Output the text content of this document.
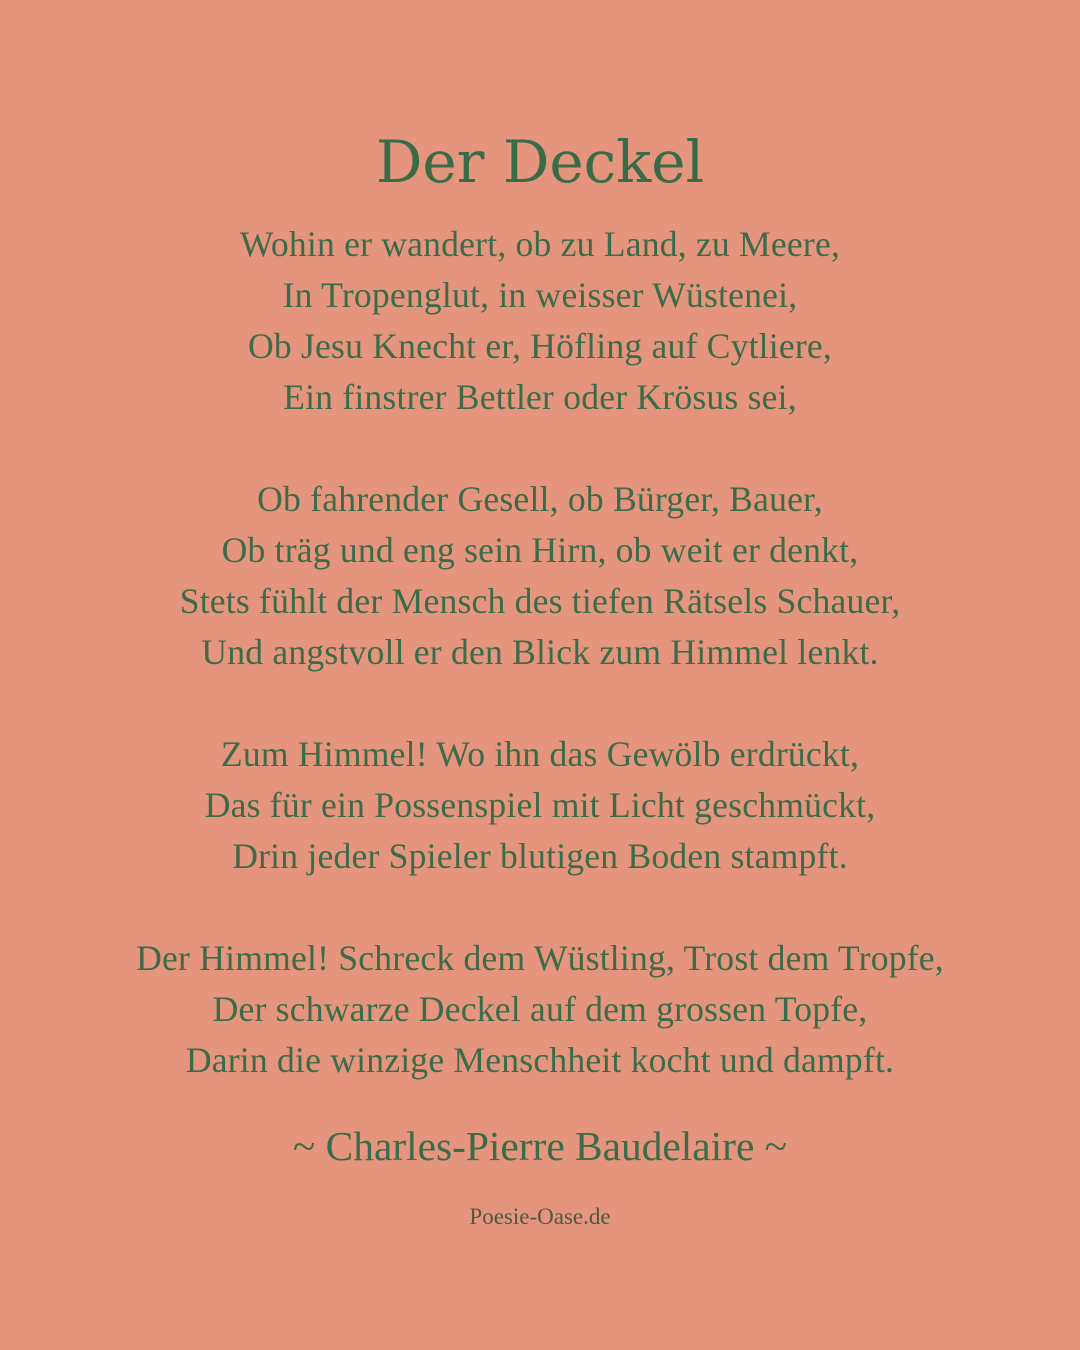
Der Deckel
Wohin er wandert, ob zu Land, zu Meere,
In Tropenglut, in weisser Wüstenei,
Ob Jesu Knecht er, Höfling auf Cytliere,
Ein finstrer Bettler oder Krösus sei,
Ob fahrender Gesell, ob Bürger, Bauer,
Ob träg und eng sein Hirn, ob weit er denkt,
Stets fühlt der Mensch des tiefen Rätsels Schauer,
Und angstvoll er den Blick zum Himmel lenkt.
Zum Himmel! Wo ihn das Gewölb erdrückt,
Das für ein Possenspiel mit Licht geschmückt,
Drin jeder Spieler blutigen Boden stampft.
Der Himmel! Schreck dem Wüstling, Trost dem Tropfe,
Der schwarze Deckel auf dem grossen Topfe,
Darin die winzige Menschheit kocht und dampft.
~ Charles-Pierre Baudelaire ~
Poesie-Oase.de
